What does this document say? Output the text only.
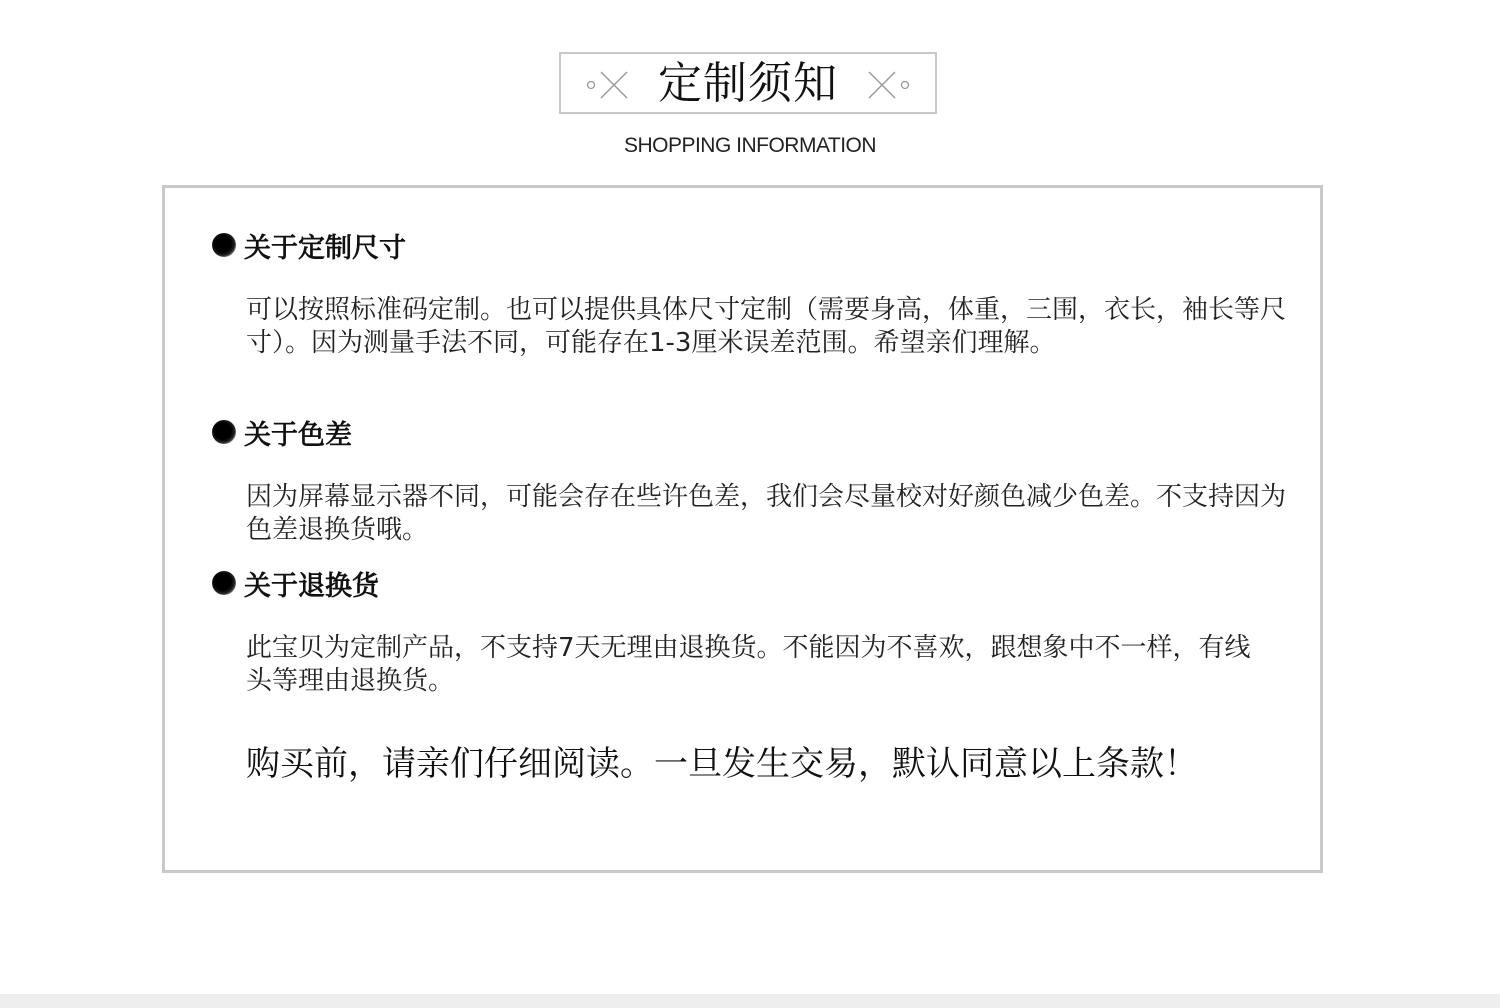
定制须知
SHOPPING INFORMATION
关于定制尺寸
可以按照标准码定制。也可以提供具体尺寸定制（需要身高，体重，三围，衣长，袖长等尺寸）。因为测量手法不同，可能存在1-3厘米误差范围。希望亲们理解。
关于色差
因为屏幕显示器不同，可能会存在些许色差，我们会尽量校对好颜色减少色差。不支持因为色差退换货哦。
关于退换货
此宝贝为定制产品，不支持7天无理由退换货。不能因为不喜欢，跟想象中不一样，有线头等理由退换货。
购买前，请亲们仔细阅读。一旦发生交易，默认同意以上条款！
